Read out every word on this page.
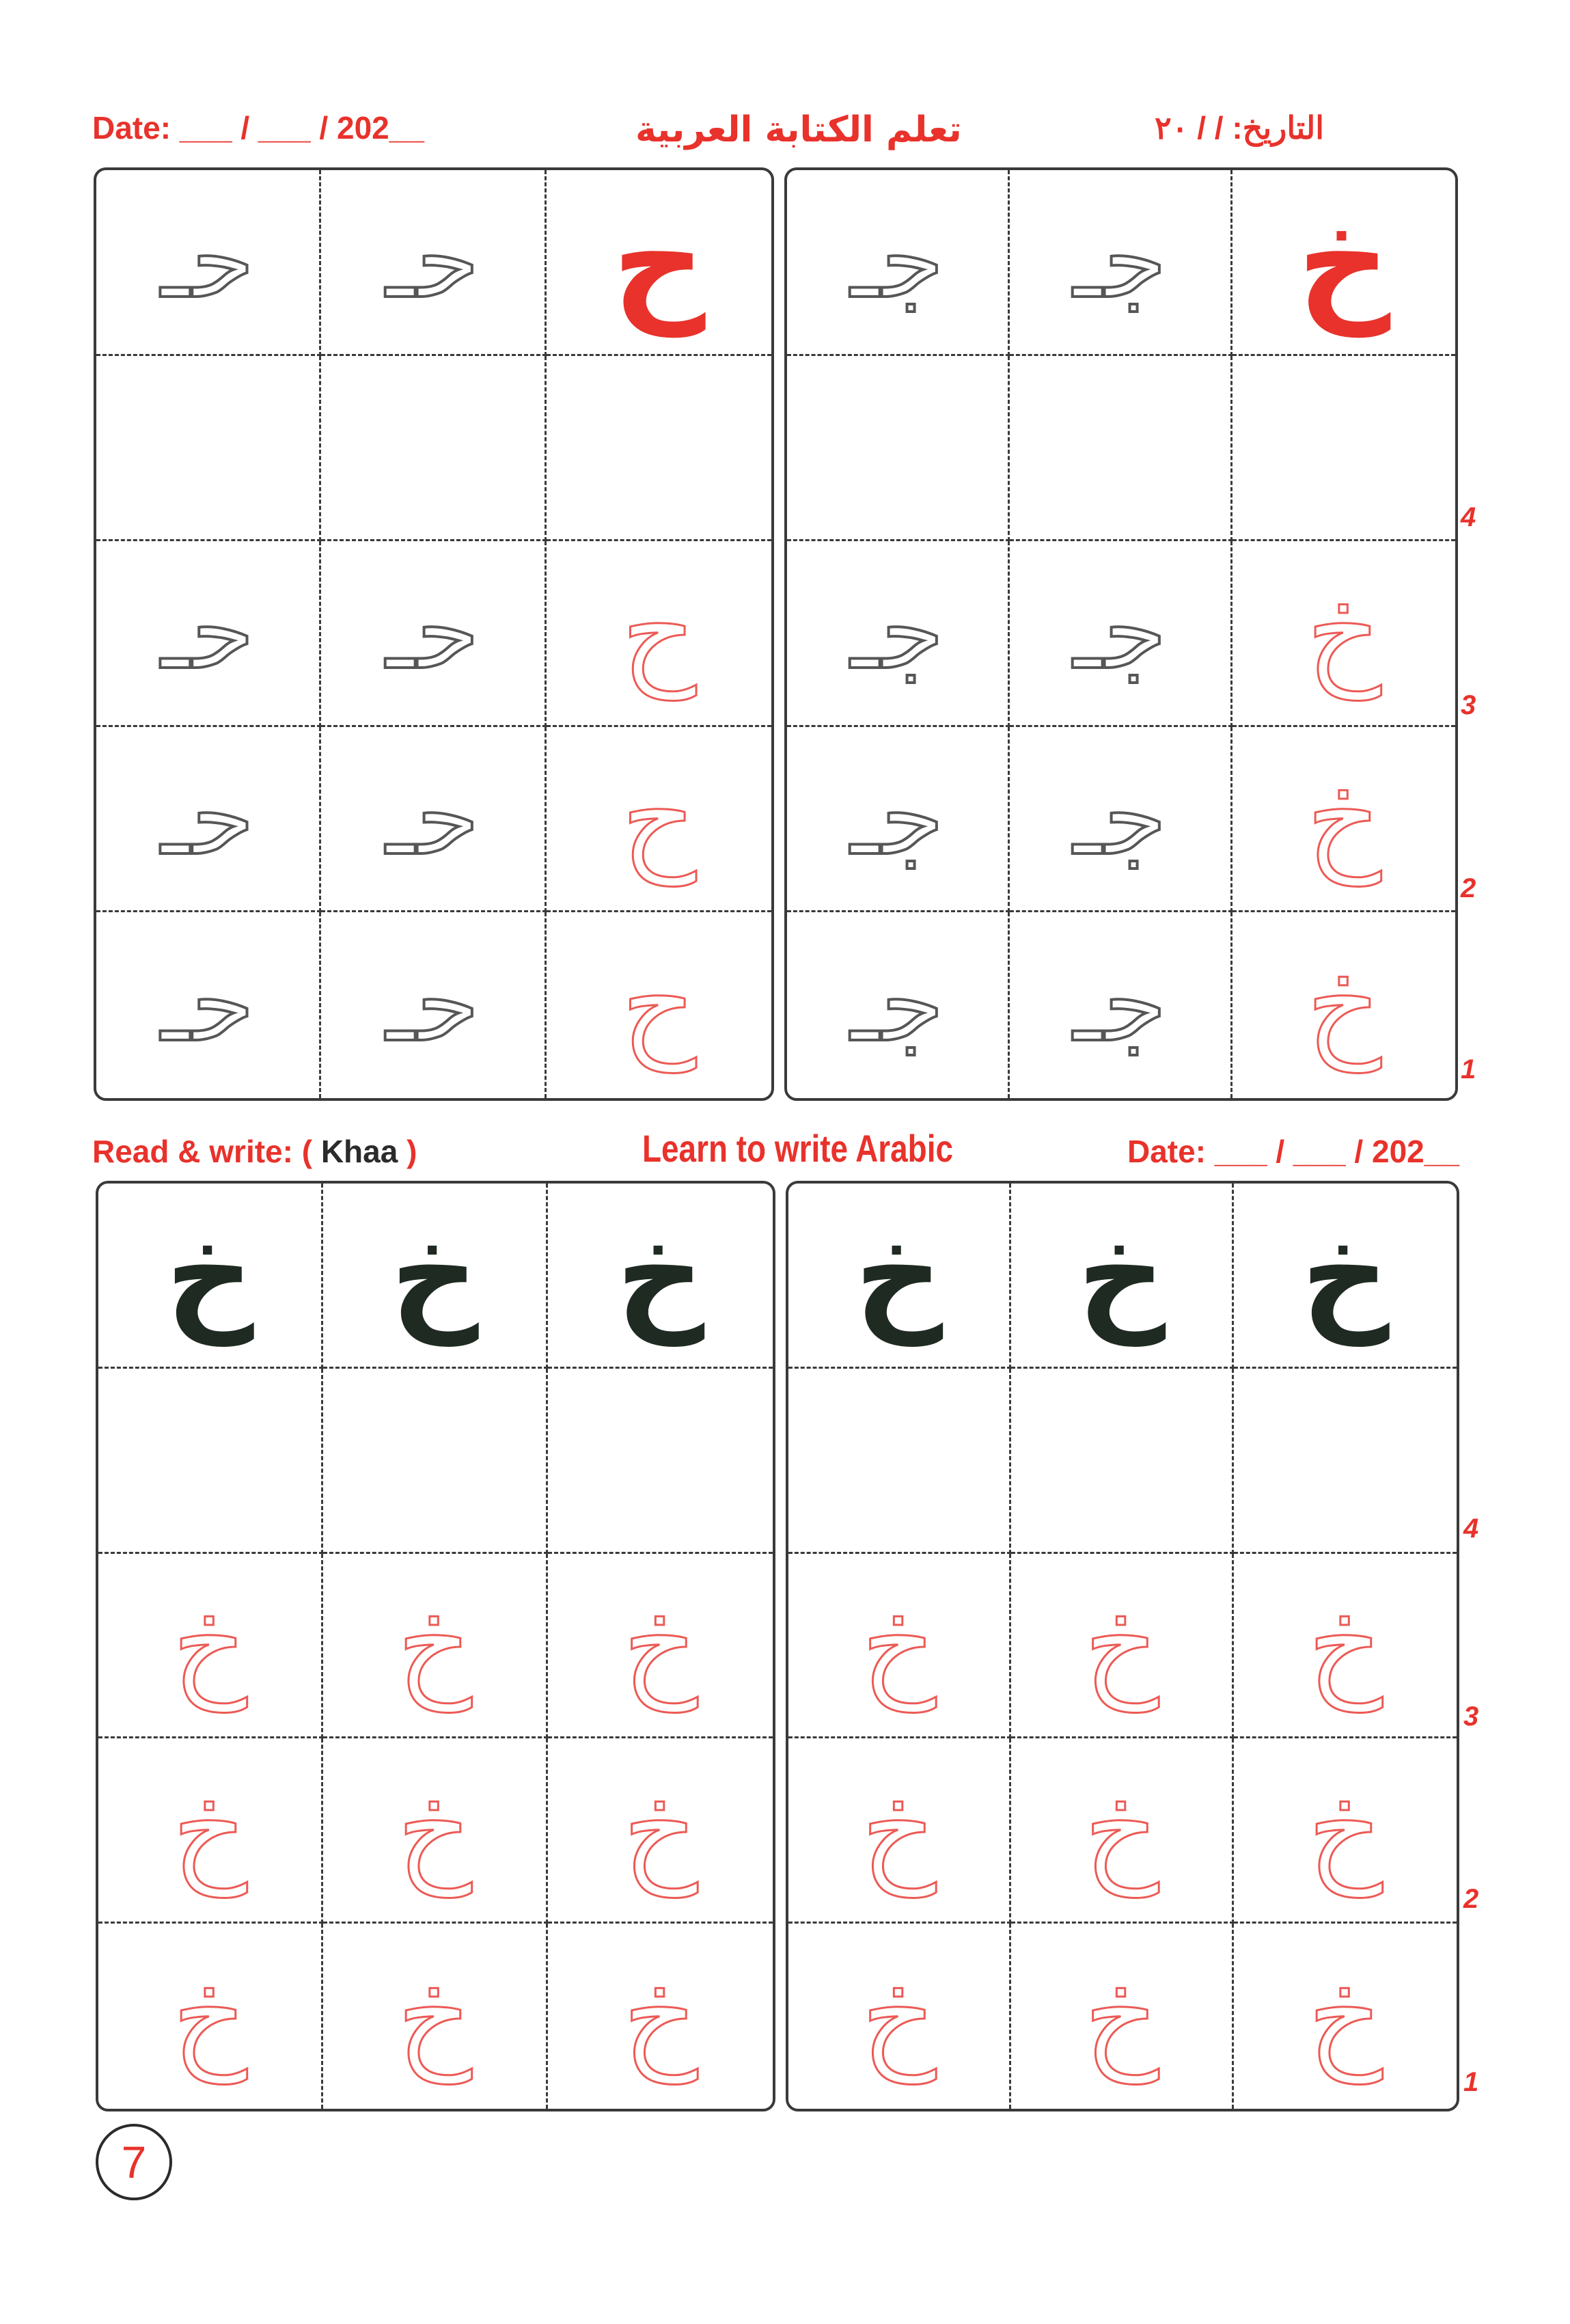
Date: ___ / ___ / 202__	تعلم الكتابة العربية	التاريخ: / / ٢٠
حـ حـ ح
حـ حـ ح
حـ حـ ح
حـ حـ ح
جـ جـ خ
جـ جـ خ
جـ جـ خ
جـ جـ خ
4
3
2
1
Read & write: ( Khaa )	Learn to write Arabic	Date: ___ / ___ / 202__
خ خ خ
خ خ خ
خ خ خ
خ خ خ
خ خ خ
خ خ خ
خ خ خ
خ خ خ
4
3
2
1
7
